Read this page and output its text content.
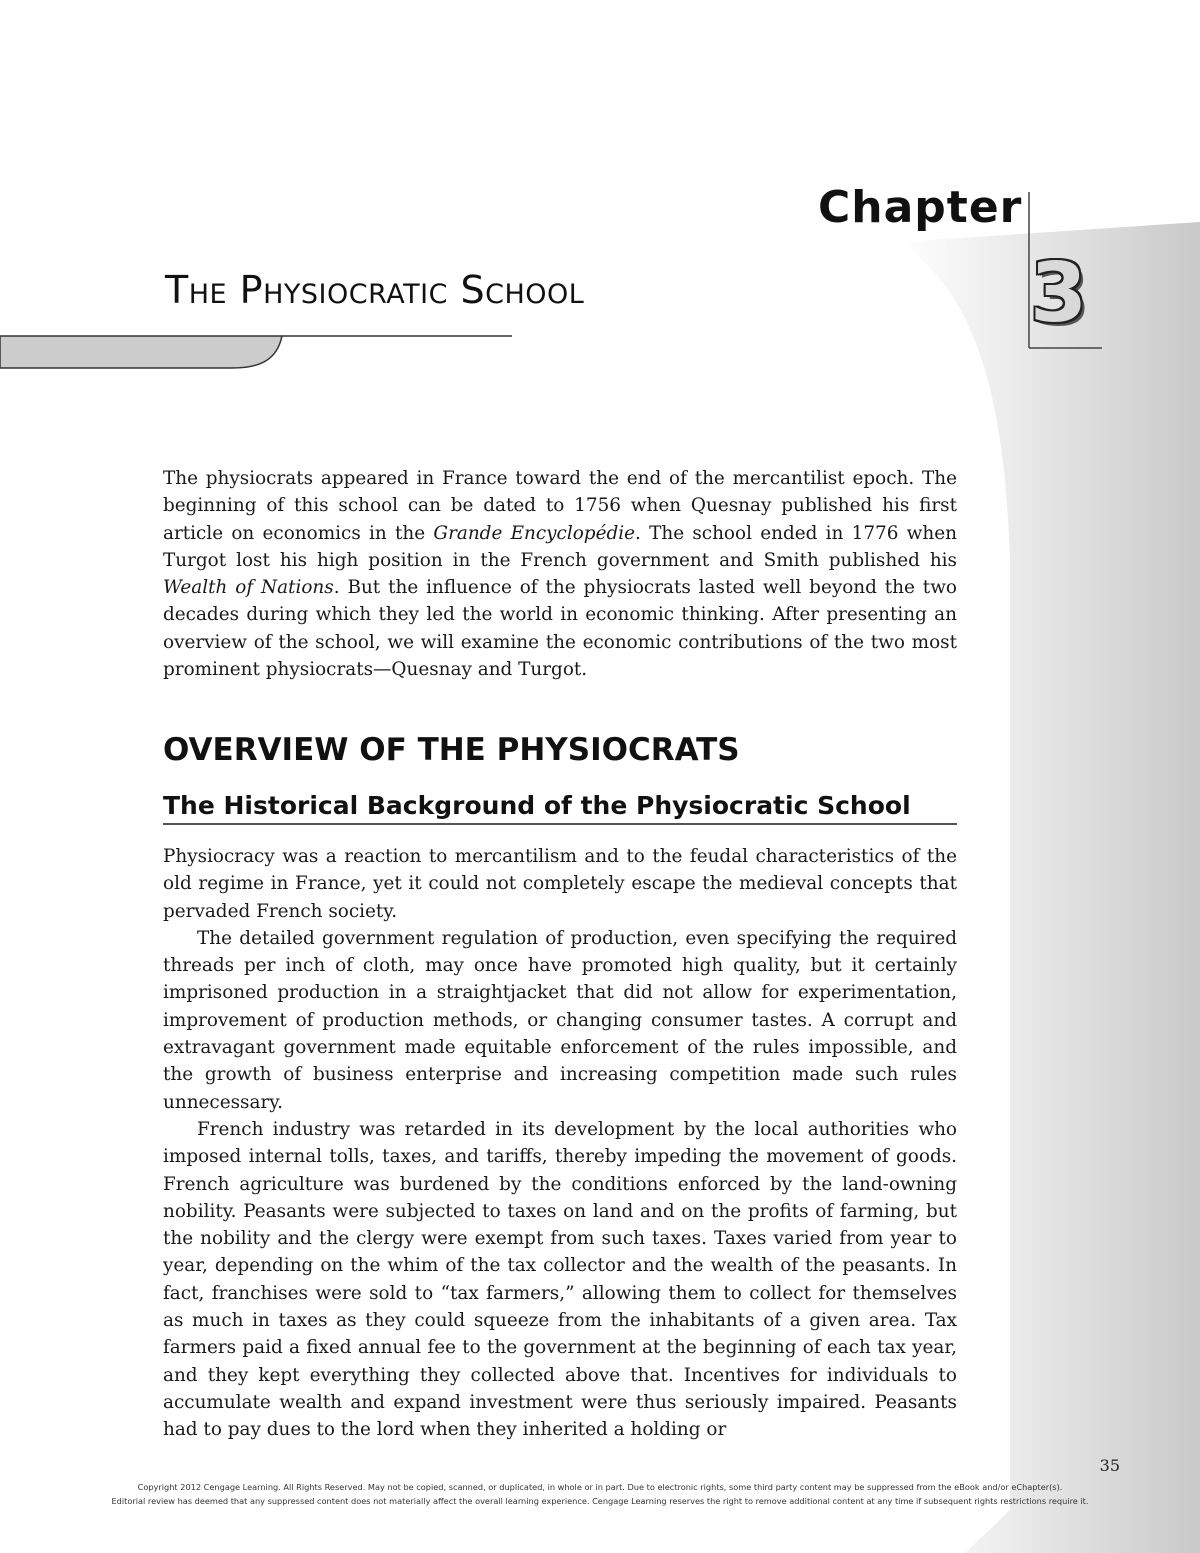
Chapter
3
The Physiocratic School

The physiocrats appeared in France toward the end of the mercantilist epoch. The beginning of this school can be dated to 1756 when Quesnay published his first article on economics in the Grande Encyclopédie. The school ended in 1776 when Turgot lost his high position in the French government and Smith published his Wealth of Nations. But the influence of the physiocrats lasted well beyond the two decades during which they led the world in economic thinking. After presenting an overview of the school, we will examine the economic contributions of the two most prominent physiocrats—Quesnay and Turgot.

OVERVIEW OF THE PHYSIOCRATS
The Historical Background of the Physiocratic School

Physiocracy was a reaction to mercantilism and to the feudal characteristics of the old regime in France, yet it could not completely escape the medieval concepts that pervaded French society.

The detailed government regulation of production, even specifying the required threads per inch of cloth, may once have promoted high quality, but it certainly imprisoned production in a straightjacket that did not allow for experimentation, improvement of production methods, or changing consumer tastes. A corrupt and extravagant government made equitable enforcement of the rules impossible, and the growth of business enterprise and increasing competition made such rules unnecessary.

French industry was retarded in its development by the local authorities who imposed internal tolls, taxes, and tariffs, thereby impeding the movement of goods. French agriculture was burdened by the conditions enforced by the land-owning nobility. Peasants were subjected to taxes on land and on the profits of farming, but the nobility and the clergy were exempt from such taxes. Taxes varied from year to year, depending on the whim of the tax collector and the wealth of the peasants. In fact, franchises were sold to “tax farmers,” allowing them to collect for themselves as much in taxes as they could squeeze from the inhabitants of a given area. Tax farmers paid a fixed annual fee to the government at the beginning of each tax year, and they kept everything they collected above that. Incentives for individuals to accumulate wealth and expand investment were thus seriously impaired. Peasants had to pay dues to the lord when they inherited a holding or

35
Copyright 2012 Cengage Learning. All Rights Reserved. May not be copied, scanned, or duplicated, in whole or in part. Due to electronic rights, some third party content may be suppressed from the eBook and/or eChapter(s).
Editorial review has deemed that any suppressed content does not materially affect the overall learning experience. Cengage Learning reserves the right to remove additional content at any time if subsequent rights restrictions require it.
